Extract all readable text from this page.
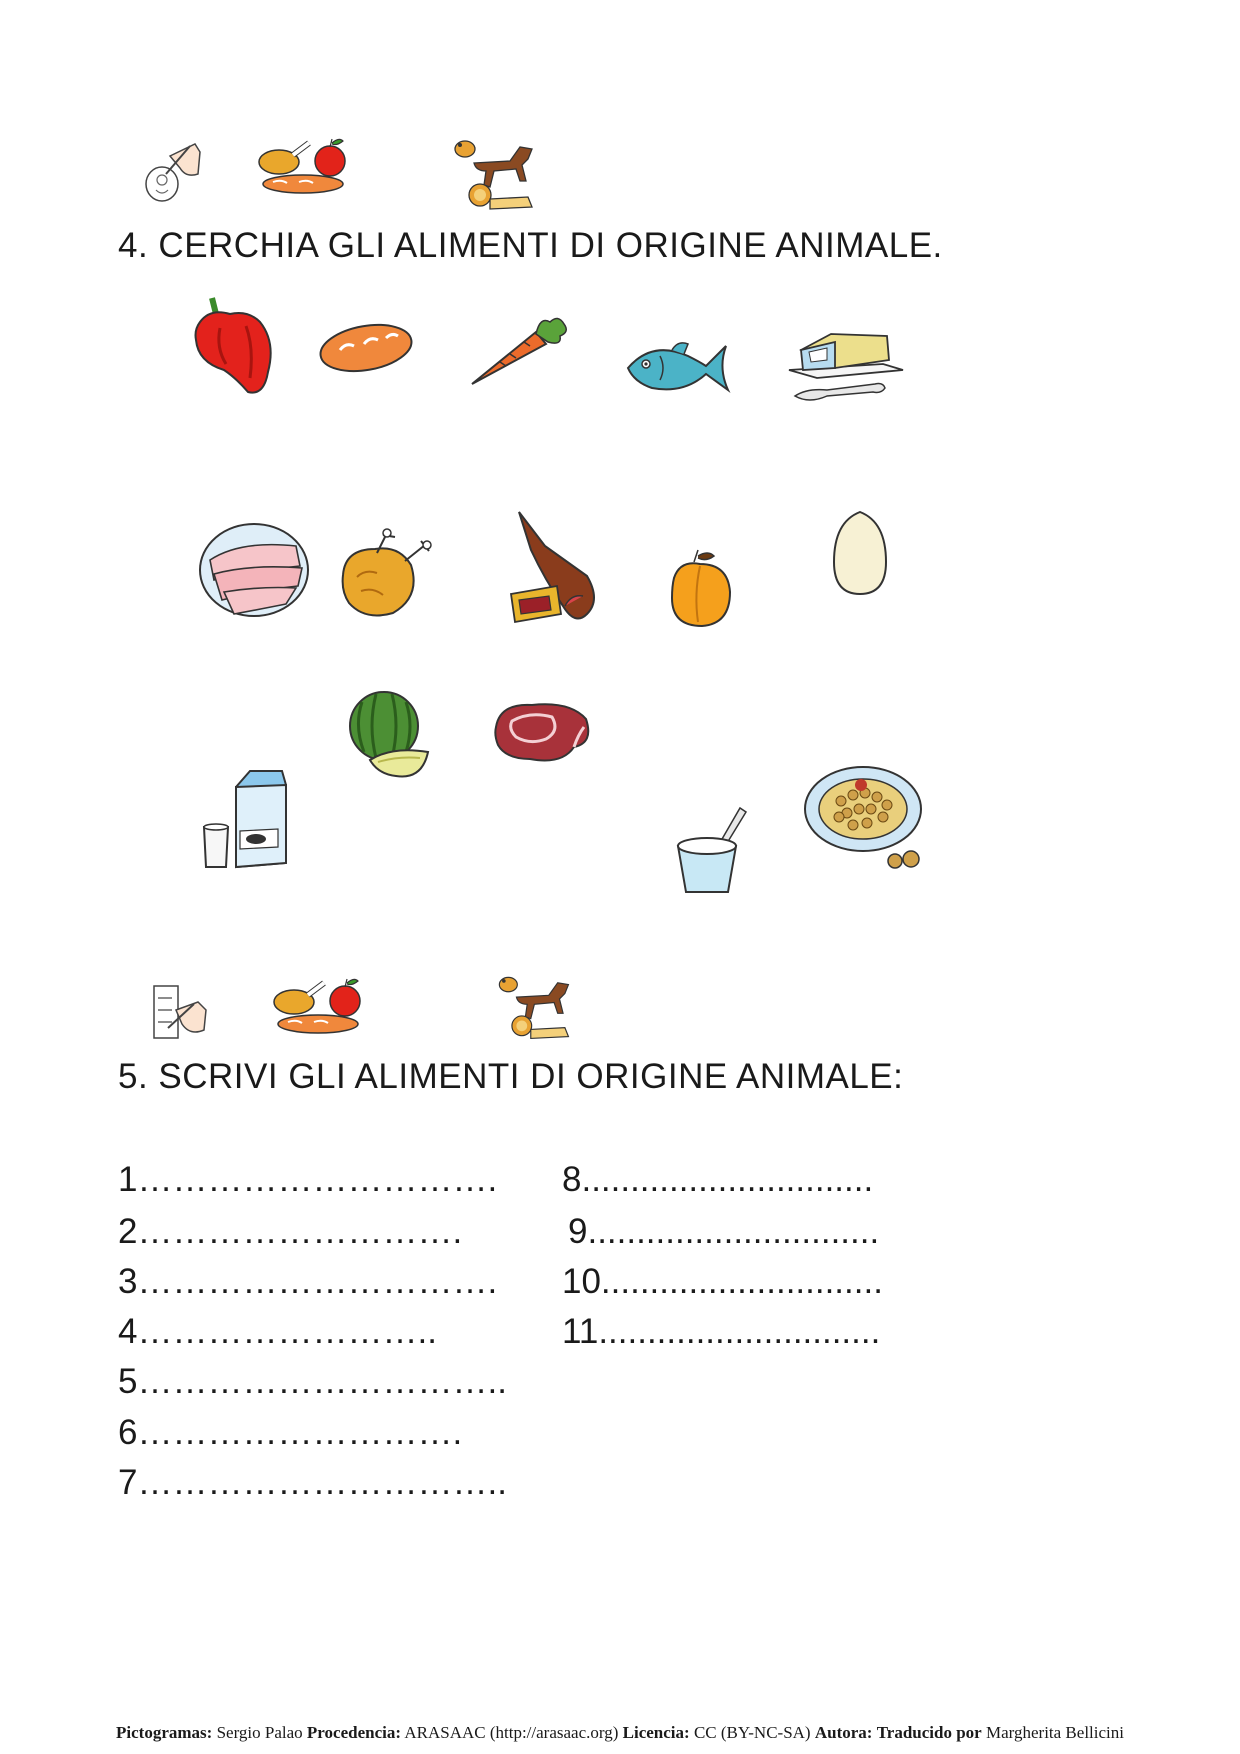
4. CERCHIA GLI ALIMENTI DI ORIGINE ANIMALE.
5. SCRIVI GLI ALIMENTI DI ORIGINE ANIMALE:
1………………………….
2……………………….
3………………………….
4……………………..
5…………………………..
6……………………….
7…………………………..
8..............................
9..............................
10.............................
11.............................
Pictogramas: Sergio Palao Procedencia: ARASAAC (http://arasaac.org) Licencia: CC (BY-NC-SA) Autora: Traducido por Margherita Bellicini
